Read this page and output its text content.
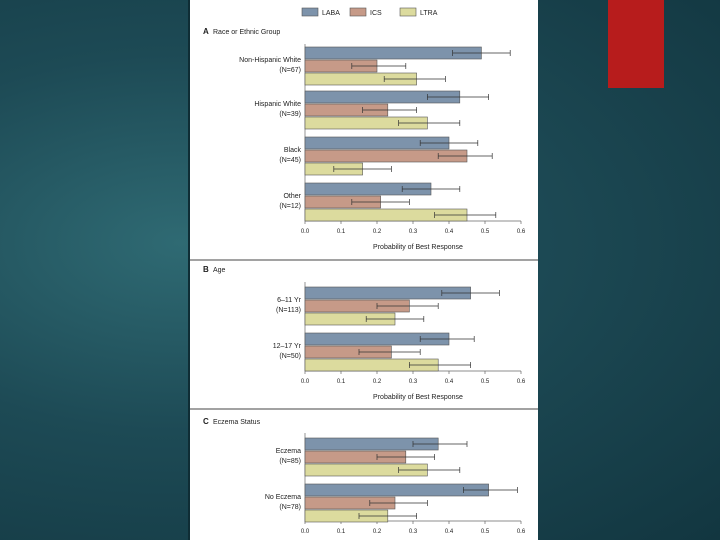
LABA	ICS	LTRA
A Race or Ethnic Group
0.0	0.1	0.2	0.3	0.4	0.5	0.6
Probability of Best Response
Non-Hispanic White
(N=67)
Hispanic White
(N=39)
Black
(N=45)
Other
(N=12)
B Age
0.0	0.1	0.2	0.3	0.4	0.5	0.6
Probability of Best Response
6–11 Yr
(N=113)
12–17 Yr
(N=50)
C Eczema Status
0.0	0.1	0.2	0.3	0.4	0.5	0.6
Eczema
(N=85)
No Eczema
(N=78)
